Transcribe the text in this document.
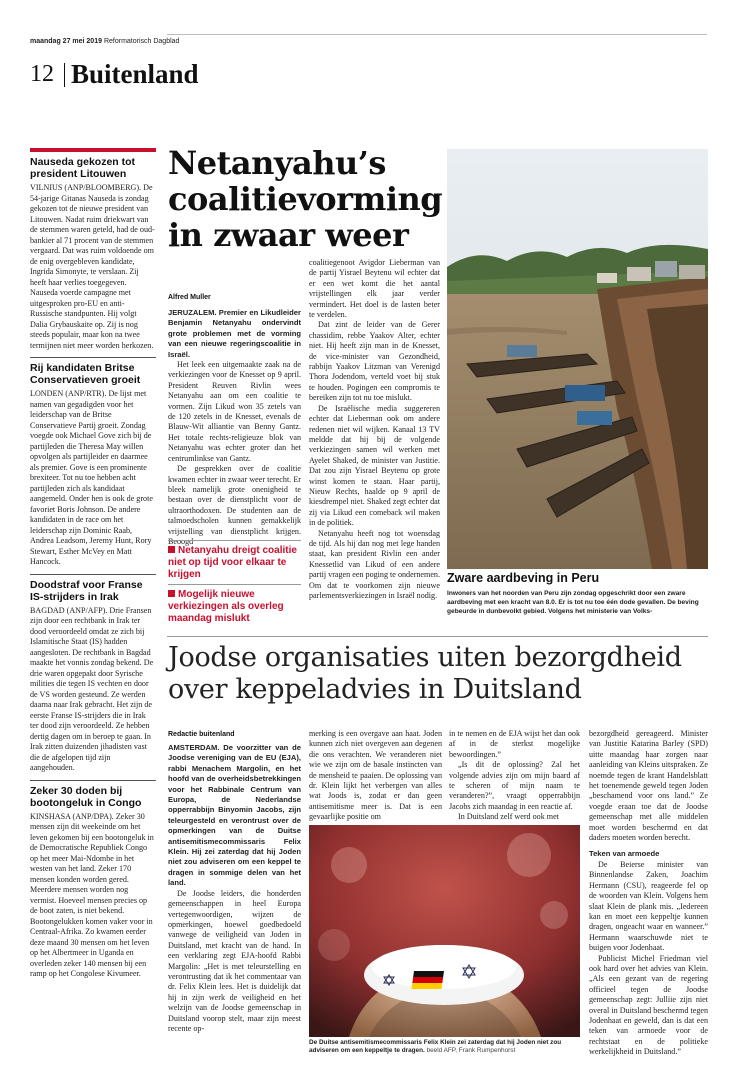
maandag 27 mei 2019 Reformatorisch Dagblad
12 Buitenland
Nauseda gekozen tot president Litouwen
VILNIUS (ANP/BLOOMBERG). De 54-jarige Gitanas Nauseda is zondag gekozen tot de nieuwe president van Litouwen. Nadat ruim driekwart van de stemmen waren geteld, had de oud-bankier al 71 procent van de stemmen vergaard. Dat was ruim voldoende om de enig overgebleven kandidate, Ingrida Simonyte, te verslaan. Zij heeft haar verlies toegegeven. Nauseda voerde campagne met uitgesproken pro-EU en anti-Russische standpunten. Hij volgt Dalia Grybauskaite op. Zij is nog steeds populair, maar kon na twee termijnen niet meer worden herkozen.
Rij kandidaten Britse Conservatieven groeit
LONDEN (ANP/RTR). De lijst met namen van gegadigden voor het leiderschap van de Britse Conservatieve Partij groeit. Zondag voegde ook Michael Gove zich bij de partijleden die Theresa May willen opvolgen als partijleider en daarmee als premier. Gove is een prominente brexiteer. Tot nu toe hebben acht partijleden zich als kandidaat aangemeld. Onder hen is ook de grote favoriet Boris Johnson. De andere kandidaten in de race om het leiderschap zijn Dominic Raab, Andrea Leadsom, Jeremy Hunt, Rory Stewart, Esther McVey en Matt Hancock.
Doodstraf voor Franse IS-strijders in Irak
BAGDAD (ANP/AFP). Drie Fransen zijn door een rechtbank in Irak ter dood veroordeeld omdat ze zich bij Islamitische Staat (IS) hadden aangesloten. De rechtbank in Bagdad maakte het vonnis zondag bekend. De drie waren opgepakt door Syrische milities die tegen IS vechten en door de VS worden gesteund. Ze werden daarna naar Irak gebracht. Het zijn de eerste Franse IS-strijders die in Irak ter dood zijn veroordeeld. Ze hebben dertig dagen om in beroep te gaan. In Irak zitten duizenden jihadisten vast die de afgelopen tijd zijn aangehouden.
Zeker 30 doden bij bootongeluk in Congo
KINSHASA (ANP/DPA). Zeker 30 mensen zijn dit weekeinde om het leven gekomen bij een bootongeluk in de Democratische Republiek Congo op het meer Mai-Ndombe in het westen van het land. Zeker 170 mensen konden worden gered. Meerdere mensen worden nog vermist. Hoeveel mensen precies op de boot zaten, is niet bekend. Bootongelukken komen vaker voor in Centraal-Afrika. Zo kwamen eerder deze maand 30 mensen om het leven op het Albertmeer in Uganda en overleden zeker 140 mensen bij een ramp op het Congolese Kivumeer.
Netanyahu’s coalitievorming in zwaar weer
Alfred Muller

JERUZALEM. Premier en Likudleider Benjamin Netanyahu ondervindt grote problemen met de vorming van een nieuwe regeringscoalitie in Israël.

Het leek een uitgemaakte zaak na de verkiezingen voor de Knesset op 9 april. President Reuven Rivlin wees Netanyahu aan om een coalitie te vormen. Zijn Likud won 35 zetels van de 120 zetels in de Knesset, evenals de Blauw-Wit alliantie van Benny Gantz. Het totale rechts-religieuze blok van Netanyahu was echter groter dan het centrumlinkse van Gantz.

De gesprekken over de coalitie kwamen echter in zwaar weer terecht. Er bleek namelijk grote onenigheid te bestaan over de dienstplicht voor de ultraorthodoxen. De studenten aan de talmoedscholen kunnen gemakkelijk vrijstelling van dienstplicht krijgen. Beoogd

Netanyahu dreigt coalitie niet op tijd voor elkaar te krijgen
Mogelijk nieuwe verkiezingen als overleg maandag mislukt

coalitiegenoot Avigdor Lieberman van de partij Yisrael Beytenu wil echter dat er een wet komt die het aantal vrijstellingen elk jaar verder vermindert. Het doel is de lasten beter te verdelen.

Dat zint de leider van de Gerer chassidim, rebbe Yaakov Alter, echter niet. Hij heeft zijn man in de Knesset, de vice-minister van Gezondheid, rabbijn Yaakov Litzman van Verenigd Thora Jodendom, verteld voet bij stuk te houden. Pogingen een compromis te bereiken zijn tot nu toe mislukt.

De Israëlische media suggereren echter dat Lieberman ook om andere redenen niet wil wijken. Kanaal 13 TV meldde dat hij bij de volgende verkiezingen samen wil werken met Ayelet Shaked, de minister van Justitie. Dat zou zijn Yisrael Beytenu op grote winst komen te staan. Haar partij, Nieuw Rechts, haalde op 9 april de kiesdrempel niet. Shaked zegt echter dat zij via Likud een comeback wil maken in de politiek.

Netanyahu heeft nog tot woensdag de tijd. Als hij dan nog met lege handen staat, kan president Rivlin een ander Knessetlid van Likud of een andere partij vragen een poging te ondernemen. Om dat te voorkomen zijn nieuwe parlementsverkiezingen in Israël nodig.

Zware aardbeving in Peru
Inwoners van het noorden van Peru zijn zondag opgeschrikt door een zware aardbeving met een kracht van 8.0. Er is tot nu toe één dode gevallen. De beving gebeurde in dunbevolkt gebied. Volgens het ministerie van Volks-
Joodse organisaties uiten bezorgdheid over keppeladvies in Duitsland
Redactie buitenland

AMSTERDAM. De voorzitter van de Joodse vereniging van de EU (EJA), rabbi Menachem Margolin, en het hoofd van de overheidsbetrekkingen voor het Rabbinale Centrum van Europa, de Nederlandse opperrabbijn Binyomin Jacobs, zijn teleurgesteld en verontrust over de opmerkingen van de Duitse antisemitismecommissaris Felix Klein. Hij zei zaterdag dat hij Joden niet zou adviseren om een keppel te dragen in sommige delen van het land.

De Joodse leiders, die honderden gemeenschappen in heel Europa vertegenwoordigen, wijzen de opmerkingen, hoewel goedbedoeld vanwege de veiligheid van Joden in Duitsland, met kracht van de hand. In een verklaring zegt EJA-hoofd Rabbi Margolin: „Het is met teleurstelling en verontrusting dat ik het commentaar van dr. Felix Klein lees. Het is duidelijk dat hij in zijn werk de veiligheid en het welzijn van de Joodse gemeenschap in Duitsland voorop stelt, maar zijn meest recente op-

merking is een overgave aan haat. Joden kunnen zich niet overgeven aan degenen die ons verachten. We veranderen niet wie we zijn om de basale instincten van de mensheid te paaien. De oplossing van dr. Klein lijkt het verbergen van alles wat Joods is, zodat er dan geen antisemitisme meer is. Dat is een gevaarlijke positie om

in te nemen en de EJA wijst het dan ook af in de sterkst mogelijke bewoordingen.”

„Is dit de oplossing? Zal het volgende advies zijn om mijn baard af te scheren of mijn naam te veranderen?”, vraagt opperrabbijn Jacobs zich maandag in een reactie af.

In Duitsland zelf werd ook met

bezorgdheid gereageerd. Minister van Justitie Katarina Barley (SPD) uitte maandag haar zorgen naar aanleiding van Kleins uitspraken. Ze noemde tegen de krant Handelsblatt het toenemende geweld tegen Joden „beschamend voor ons land.” Ze voegde eraan toe dat de Joodse gemeenschap met alle middelen moet worden beschermd en dat daders moeten worden berecht.

Teken van armoede

De Beierse minister van Binnenlandse Zaken, Joachim Hermann (CSU), reageerde fel op de woorden van Klein. Volgens hem slaat Klein de plank mis. „Iedereen kan en moet een keppeltje kunnen dragen, ongeacht waar en wanneer.” Hermann waarschuwde niet te buigen voor Jodenhaat.

Publicist Michel Friedman viel ook hard over het advies van Klein. „Als een gezant van de regering officieel tegen de Joodse gemeenschap zegt: Julliie zijn niet overal in Duitsland beschermd tegen Jodenhaat en geweld, dan is dat een teken van armoede voor de rechtstaat en de politieke werkelijkheid in Duitsland.”

De Duitse antisemitismecommissaris Felix Klein zei zaterdag dat hij Joden niet zou adviseren om een keppeltje te dragen. beeld AFP, Frank Rumpenhorst
